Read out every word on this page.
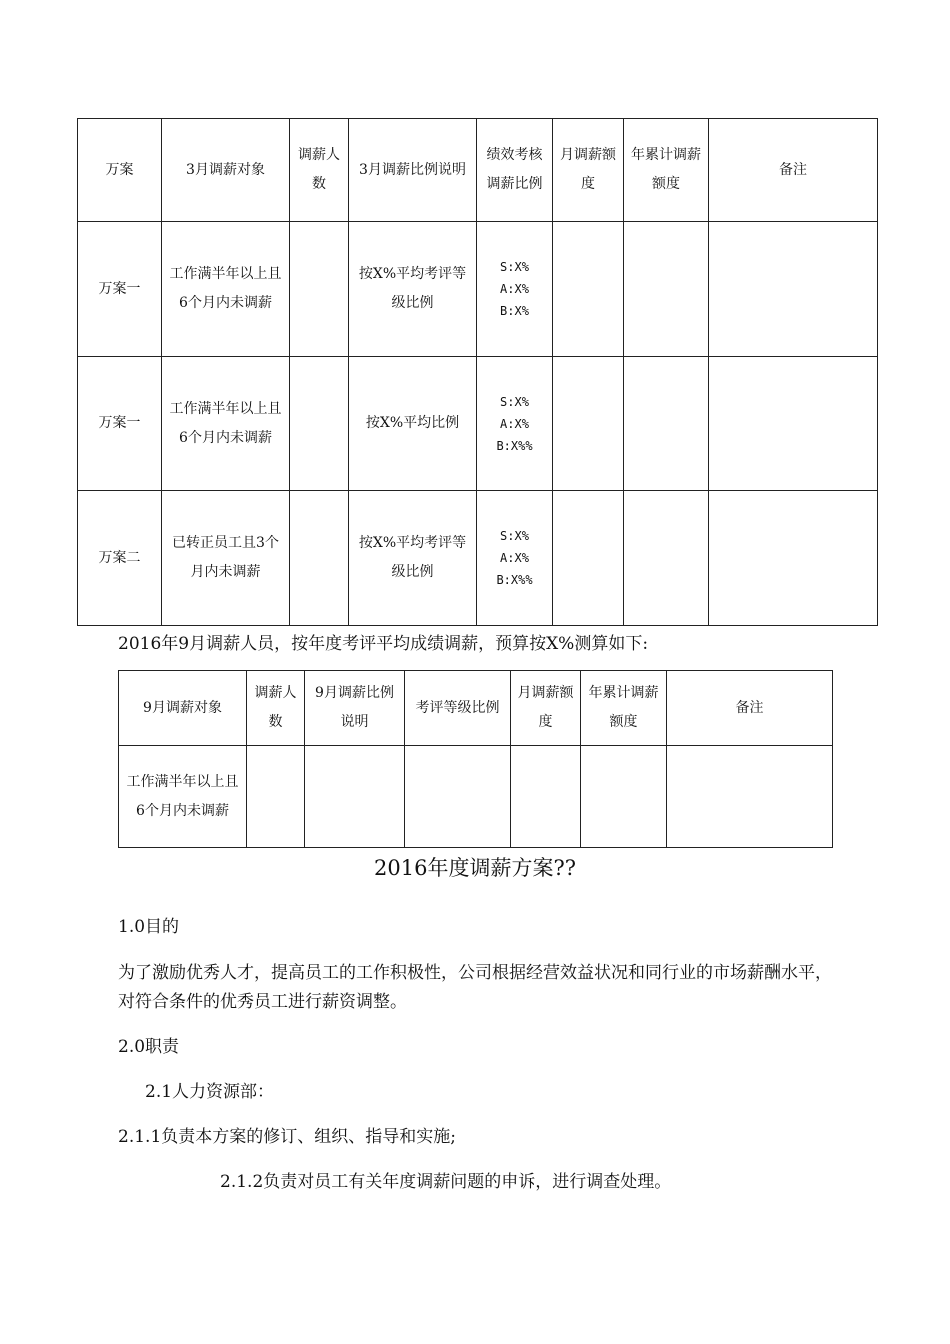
万案	3月调薪对象	调薪人数	3月调薪比例说明	绩效考核调薪比例	月调薪额度	年累计调薪额度	备注
万案一	工作满半年以上且6个月内未调薪		按X%平均考评等级比例	S:X%
A:X%
B:X%			
万案一	工作满半年以上且6个月内未调薪		按X%平均比例	S:X%
A:X%
B:X%%			
万案二	已转正员工且3个月内未调薪		按X%平均考评等级比例	S:X%
A:X%
B:X%%			
2016年9月调薪人员，按年度考评平均成绩调薪，预算按X%测算如下:
9月调薪对象	调薪人数	9月调薪比例说明	考评等级比例	月调薪额度	年累计调薪额度	备注
工作满半年以上且6个月内未调薪						
2016年度调薪方案??
1.0目的
为了激励优秀人才，提高员工的工作积极性，公司根据经营效益状况和同行业的市场薪酬水平，
对符合条件的优秀员工进行薪资调整。
2.0职责
2.1人力资源部：
2.1.1负责本方案的修订、组织、指导和实施;
2.1.2负责对员工有关年度调薪问题的申诉，进行调查处理。
